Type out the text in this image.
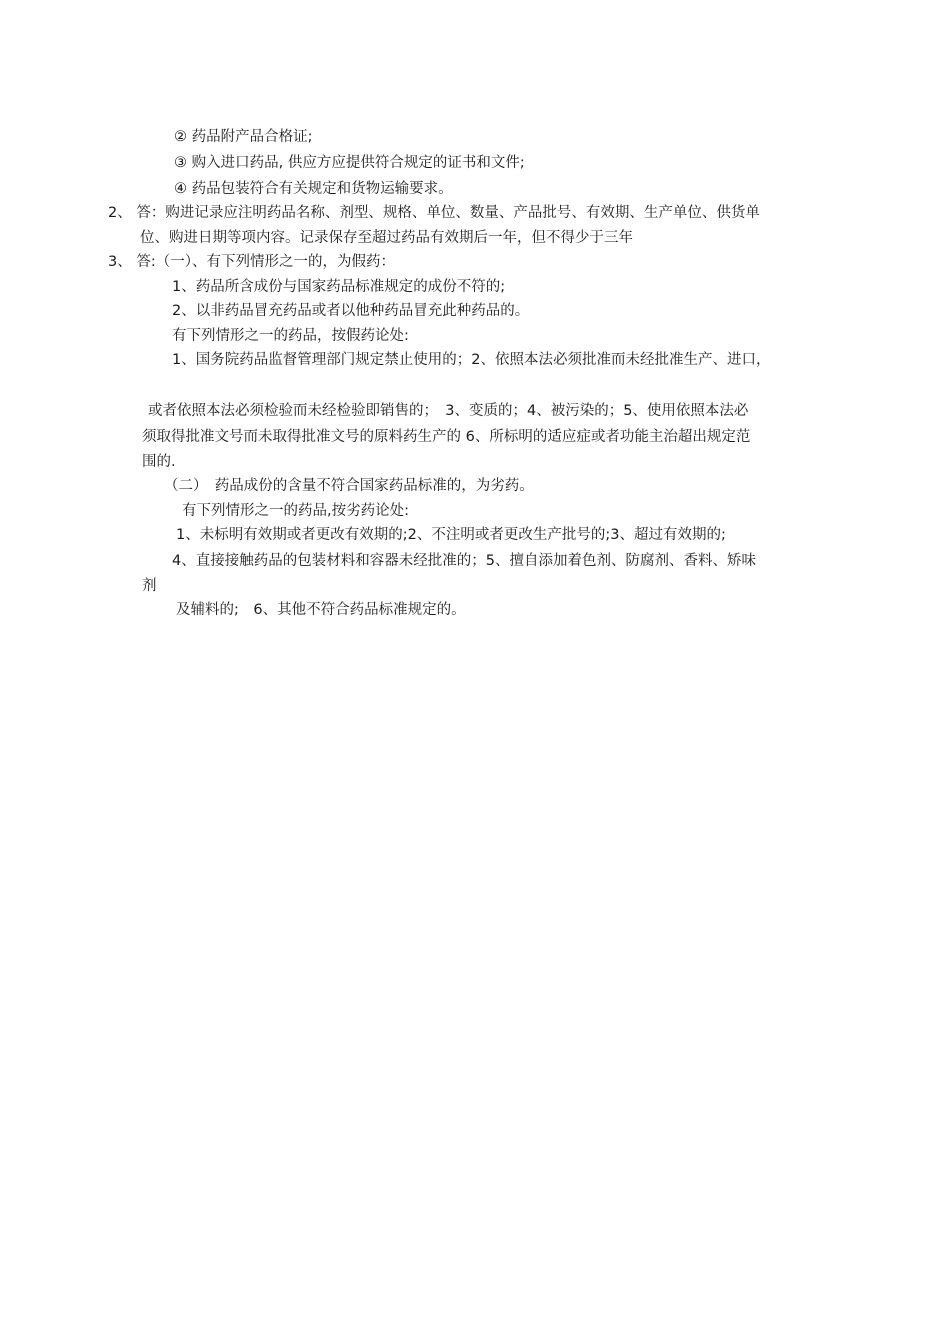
② 药品附产品合格证;
③ 购入进口药品, 供应方应提供符合规定的证书和文件;
④ 药品包装符合有关规定和货物运输要求。
2、 答：购进记录应注明药品名称、剂型、规格、单位、数量、产品批号、有效期、生产单位、供货单
位、购进日期等项内容。记录保存至超过药品有效期后一年，但不得少于三年
3、 答:（一）、有下列情形之一的，为假药：
1、药品所含成份与国家药品标准规定的成份不符的;
2、以非药品冒充药品或者以他种药品冒充此种药品的。
有下列情形之一的药品，按假药论处:
1、国务院药品监督管理部门规定禁止使用的；2、依照本法必须批准而未经批准生产、进口，
或者依照本法必须检验而未经检验即销售的；　3、变质的；4、被污染的；5、使用依照本法必
须取得批准文号而未取得批准文号的原料药生产的 6、所标明的适应症或者功能主治超出规定范
围的.
（二）　药品成份的含量不符合国家药品标准的，为劣药。
有下列情形之一的药品,按劣药论处:
1、未标明有效期或者更改有效期的;2、不注明或者更改生产批号的;3、超过有效期的;
4、直接接触药品的包装材料和容器未经批准的；5、擅自添加着色剂、防腐剂、香料、矫味
剂
及辅料的;　6、其他不符合药品标准规定的。
